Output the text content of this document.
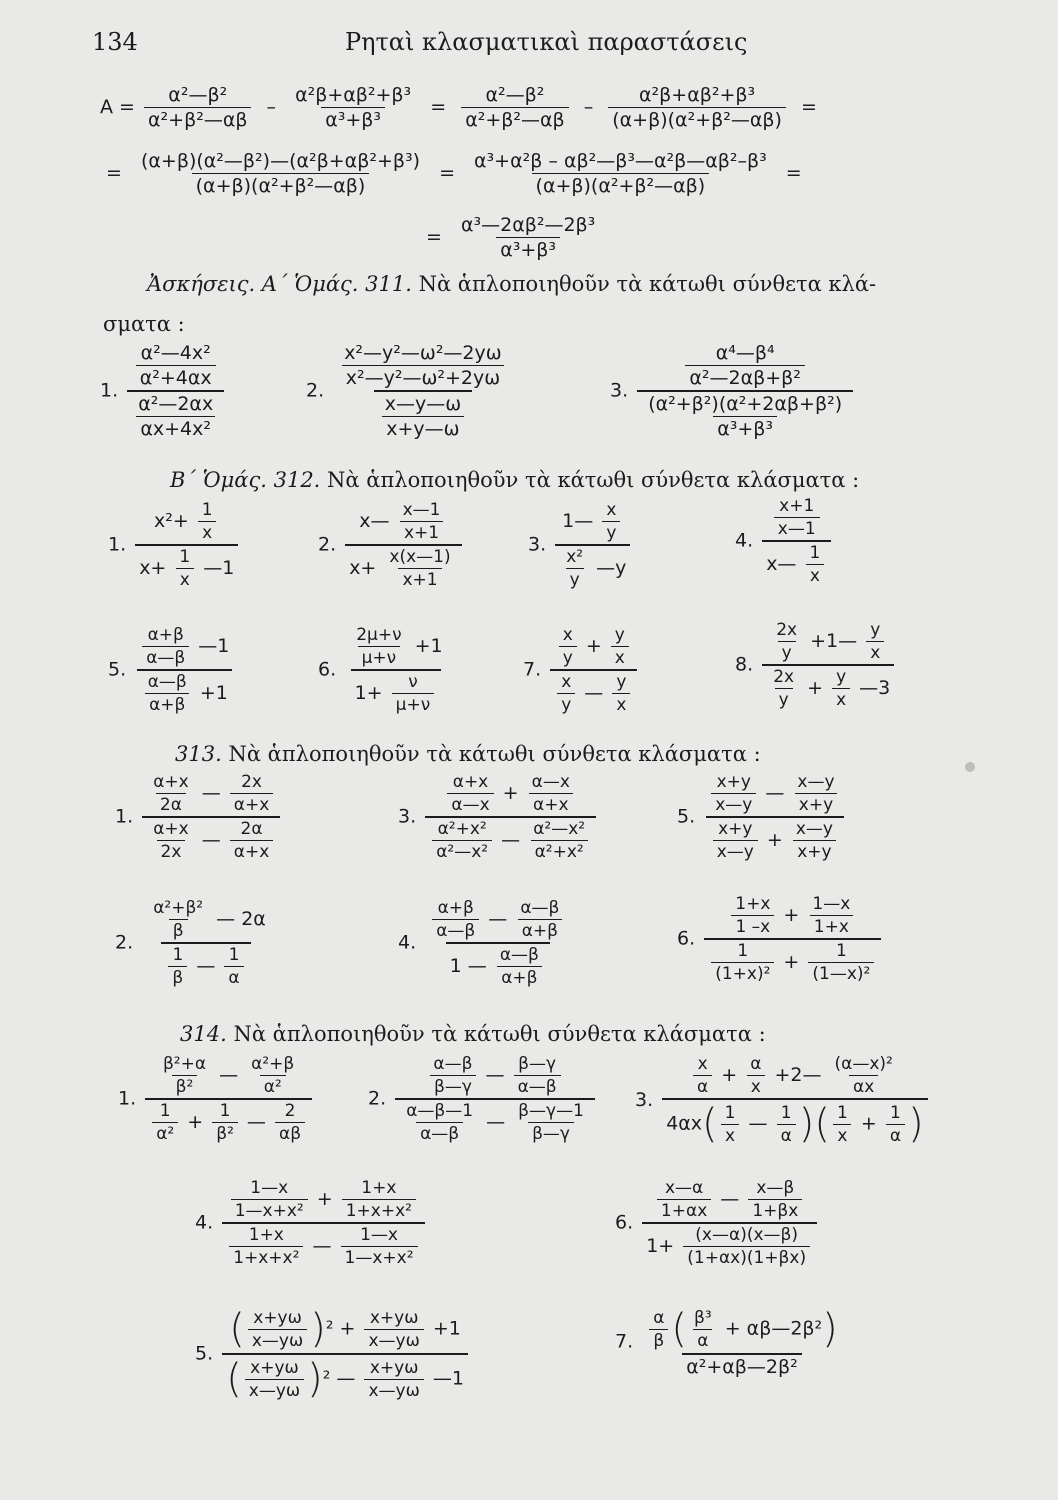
134	Ρηταὶ κλασματικαὶ παραστάσεις
$A = \frac{\text{α²—β²}}{\text{α²+β²—αβ}} - \frac{\text{α²β+αβ²+β³}}{\text{α³+β³}} = \frac{\text{α²—β²}}{\text{α²+β²—αβ}} - \frac{\text{α²β+αβ²+β³}}{\text{(α+β)(α²+β²—αβ)}}$ =
= $\frac{\text{(α+β)(α²—β²)—(α²β+αβ²+β³)}}{\text{(α+β)(α²+β²—αβ)}} = \frac{\text{α³+α²β – αβ²—β³—α²β—αβ²–β³}}{\text{(α+β)(α²+β²—αβ)}}$ =
= $\frac{\text{α³—2αβ²—2β³}}{\text{α³+β³}}$
Ἀσκήσεις. Α΄ Ὁμάς. 311. Νὰ ἁπλοποιηθοῦν τὰ κάτωθι σύνθετα κλά-
σματα :
1. $\frac{\frac{\text{α²—4x²}}{\text{α²+4αx}}}{\frac{\text{α²—2αx}}{\text{αx+4x²}}}$	2. $\frac{\frac{\text{x²—y²—ω²—2yω}}{\text{x²—y²—ω²+2yω}}}{\frac{x—y—\omega}{x+y—\omega}}$	3. $\frac{\frac{\text{α⁴—β⁴}}{\text{α²—2αβ+β²}}}{\frac{\text{(α²+β²)(α²+2αβ+β²)}}{\text{α³+β³}}}$
Β΄ Ὁμάς. 312. Νὰ ἁπλοποιηθοῦν τὰ κάτωθι σύνθετα κλάσματα :
1. $\frac{x^2+ \frac{1}{x}}{x+ \frac{1}{x} —1}$	2. $\frac{x— \frac{x—1}{x+1}}{x+ \frac{x(x—1)}{x+1}}$	3. $\frac{1— \frac{x}{y}}{\frac{\text{x²}}{y} —y}$	4. $\frac{\frac{x+1}{x—1}}{x— \frac{1}{x}}$
5. $\frac{\frac{\alpha+\beta}{\alpha—\beta} —1}{\frac{\alpha—\beta}{\alpha+\beta} +1}$	6. $\frac{\frac{2\mu+\nu}{\mu+\nu} +1}{1+ \frac{\nu}{\mu+\nu}}$	7. $\frac{\frac{x}{y} + \frac{y}{x}}{\frac{x}{y} — \frac{y}{x}}$	8. $\frac{\frac{2x}{y} +1— \frac{y}{x}}{\frac{2x}{y} + \frac{y}{x} —3}$
313. Νὰ ἁπλοποιηθοῦν τὰ κάτωθι σύνθετα κλάσματα :
1. $\frac{\frac{\alpha+x}{2\alpha} — \frac{2x}{\alpha+x}}{\frac{\alpha+x}{2x} — \frac{2\alpha}{\alpha+x}}$	3. $\frac{\frac{\alpha+x}{\alpha—x} + \frac{\alpha—x}{\alpha+x}}{\frac{\text{α²+x²}}{\text{α²—x²}} — \frac{\text{α²—x²}}{\text{α²+x²}}}$	5. $\frac{\frac{x+y}{x—y} — \frac{x—y}{x+y}}{\frac{x+y}{x—y} + \frac{x—y}{x+y}}$
2. $\frac{\frac{\text{α²+β²}}{\beta} — 2\alpha}{\frac{1}{\beta} — \frac{1}{\alpha}}$	4. $\frac{\frac{\alpha+\beta}{\alpha—\beta} — \frac{\alpha—\beta}{\alpha+\beta}}{1 — \frac{\alpha—\beta}{\alpha+\beta}}$	6. $\frac{\frac{1+x}{1 -x} + \frac{1—x}{1+x}}{\frac{1}{\text{(1+x)²}} + \frac{1}{\text{(1—x)²}}}$
314. Νὰ ἁπλοποιηθοῦν τὰ κάτωθι σύνθετα κλάσματα :
1. $\frac{\frac{\text{β²+α}}{\text{β²}} — \frac{\text{α²+β}}{\text{α²}}}{\frac{1}{\text{α²}} + \frac{1}{\text{β²}} — \frac{2}{\alpha\beta}}$	2. $\frac{\frac{\alpha—\beta}{\beta—\gamma} — \frac{\beta—\gamma}{\alpha—\beta}}{\frac{\alpha—\beta—1}{\alpha—\beta} — \frac{\beta—\gamma—1}{\beta—\gamma}} 3$. $\frac{\frac{x}{\alpha} + \frac{\alpha}{x} +2— \frac{\text{(α—x)²}}{\alpha x}}{4\alpha x( \frac{1}{x} — \frac{1}{\alpha} )( \frac{1}{x} + \frac{1}{\alpha} )}$
4. $\frac{\frac{1—x}{\text{1—x+x²}} + \frac{1+x}{\text{1+x+x²}}}{\frac{1+x}{\text{1+x+x²}} — \frac{1—x}{\text{1—x+x²}}}$	6. $\frac{\frac{x—\alpha}{1+\alpha x} — \frac{x—\beta}{1+\beta x}}{1+ \frac{(x—\alpha)(x—\beta)}{(1+\alpha x)(1+\beta x)}}$
5. $\frac{( \frac{x+y\omega}{x—y\omega} )^2 + \frac{x+y\omega}{x—y\omega} +1}{( \frac{x+y\omega}{x—y\omega} )^2 — \frac{x+y\omega}{x—y\omega} —1}$	7. $\frac{\frac{\alpha}{\beta} ( \frac{\text{β³}}{\alpha} + \alpha\beta—2\beta^2)}{\text{α²+αβ—2β²}}$
